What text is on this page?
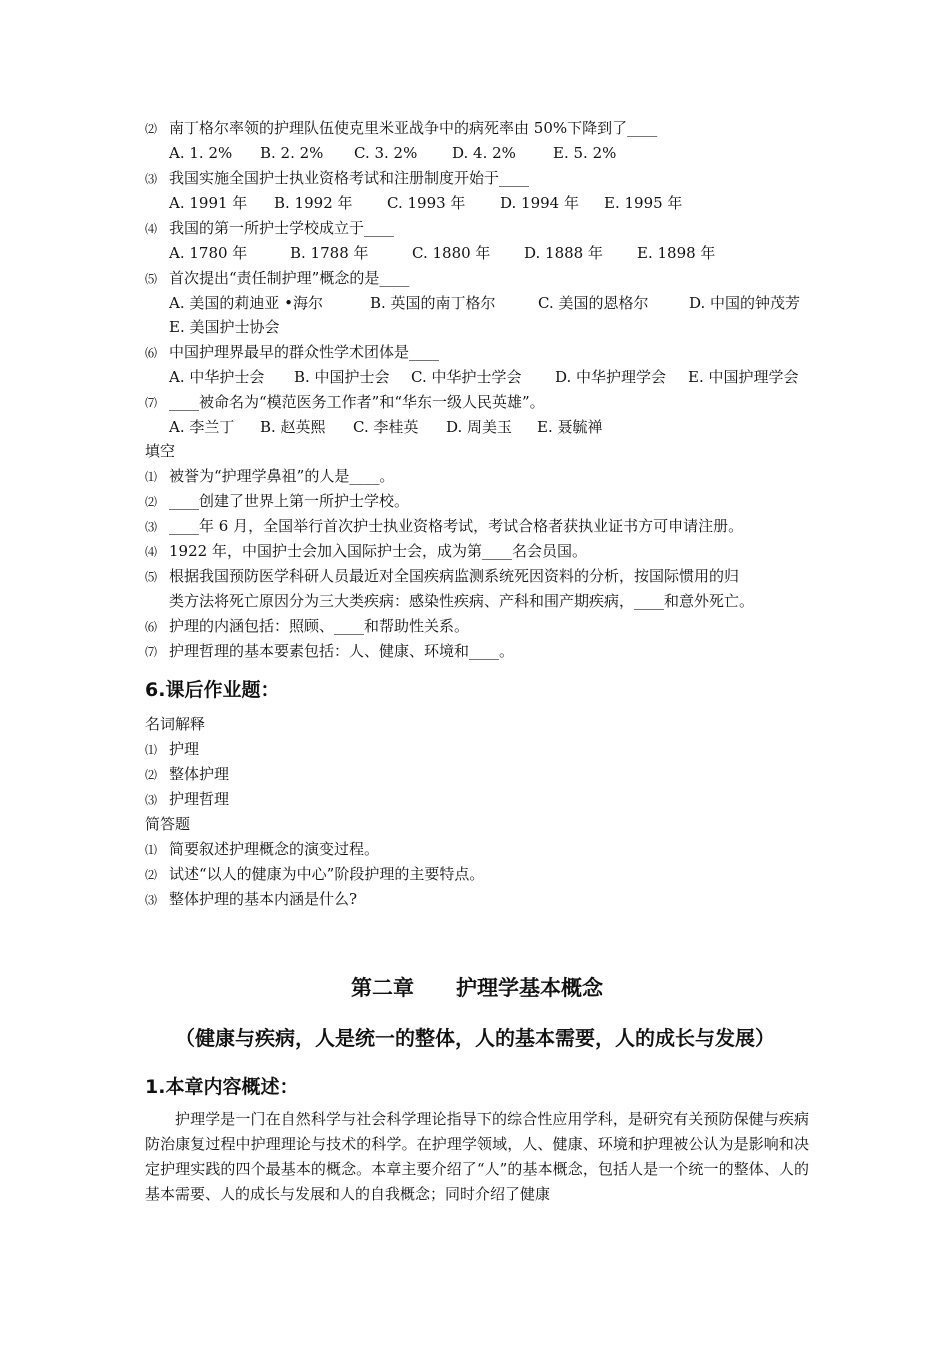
⑵ 南丁格尔率领的护理队伍使克里米亚战争中的病死率由 50%下降到了____
A. 1. 2% B. 2. 2% C. 3. 2% D. 4. 2% E. 5. 2%
⑶ 我国实施全国护士执业资格考试和注册制度开始于____
A. 1991 年 B. 1992 年 C. 1993 年 D. 1994 年 E. 1995 年
⑷ 我国的第一所护士学校成立于____
A. 1780 年	B. 1788 年	C. 1880 年 D. 1888 年 E. 1898 年
⑸ 首次提出“责任制护理”概念的是____
A. 美国的莉迪亚 •海尔	B. 英国的南丁格尔	C. 美国的恩格尔	D. 中国的钟茂芳
E. 美国护士协会
⑹ 中国护理界最早的群众性学术团体是____
A. 中华护士会 B. 中国护士会 C. 中华护士学会 D. 中华护理学会 E. 中国护理学会
⑺ ____被命名为“模范医务工作者”和“华东一级人民英雄”。
A. 李兰丁 B. 赵英熙 C. 李桂英 D. 周美玉 E. 聂毓禅
填空
⑴ 被誉为“护理学鼻祖”的人是____。
⑵ ____创建了世界上第一所护士学校。
⑶ ____年 6 月，全国举行首次护士执业资格考试，考试合格者获执业证书方可申请注册。
⑷ 1922 年，中国护士会加入国际护士会，成为第____名会员国。
⑸ 根据我国预防医学科研人员最近对全国疾病监测系统死因资料的分析，按国际惯用的归
类方法将死亡原因分为三大类疾病：感染性疾病、产科和围产期疾病，____和意外死亡。
⑹ 护理的内涵包括：照顾、____和帮助性关系。
⑺ 护理哲理的基本要素包括：人、健康、环境和____。
6.课后作业题：
名词解释
⑴ 护理
⑵ 整体护理
⑶ 护理哲理
简答题
⑴ 简要叙述护理概念的演变过程。
⑵ 试述“以人的健康为中心”阶段护理的主要特点。
⑶ 整体护理的基本内涵是什么?
第二章 护理学基本概念
（健康与疾病，人是统一的整体，人的基本需要，人的成长与发展）
1.本章内容概述：
护理学是一门在自然科学与社会科学理论指导下的综合性应用学科，是研究有关预防保健与疾病防治康复过程中护理理论与技术的科学。在护理学领域，人、健康、环境和护理被公认为是影响和决定护理实践的四个最基本的概念。本章主要介绍了“人”的基本概念，包括人是一个统一的整体、人的基本需要、人的成长与发展和人的自我概念；同时介绍了健康
